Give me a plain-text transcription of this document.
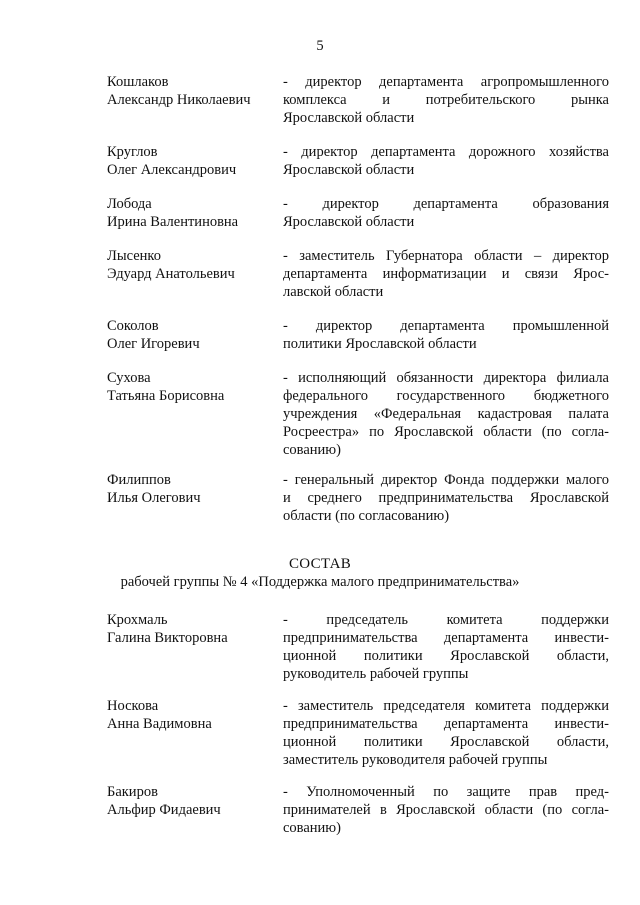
5
Кошлаков
Александр Николаевич
- директор департамента агропромышленного
комплекса и потребительского рынка
Ярославской области
Круглов
Олег Александрович
- директор департамента дорожного хозяйства
Ярославской области
Лобода
Ирина Валентиновна
- директор департамента образования
Ярославской области
Лысенко
Эдуард Анатольевич
- заместитель Губернатора области – директор
департамента информатизации и связи Ярос-
лавской области
Соколов
Олег Игоревич
- директор департамента промышленной
политики Ярославской области
Сухова
Татьяна Борисовна
- исполняющий обязанности директора филиала
федерального государственного бюджетного
учреждения «Федеральная кадастровая палата
Росреестра» по Ярославской области (по согла-
сованию)
Филиппов
Илья Олегович
- генеральный директор Фонда поддержки малого
и среднего предпринимательства Ярославской
области (по согласованию)
СОСТАВ
рабочей группы № 4 «Поддержка малого предпринимательства»
Крохмаль
Галина Викторовна
- председатель комитета поддержки
предпринимательства департамента инвести-
ционной политики Ярославской области,
руководитель рабочей группы
Носкова
Анна Вадимовна
- заместитель председателя комитета поддержки
предпринимательства департамента инвести-
ционной политики Ярославской области,
заместитель руководителя рабочей группы
Бакиров
Альфир Фидаевич
- Уполномоченный по защите прав пред-
принимателей в Ярославской области (по согла-
сованию)
